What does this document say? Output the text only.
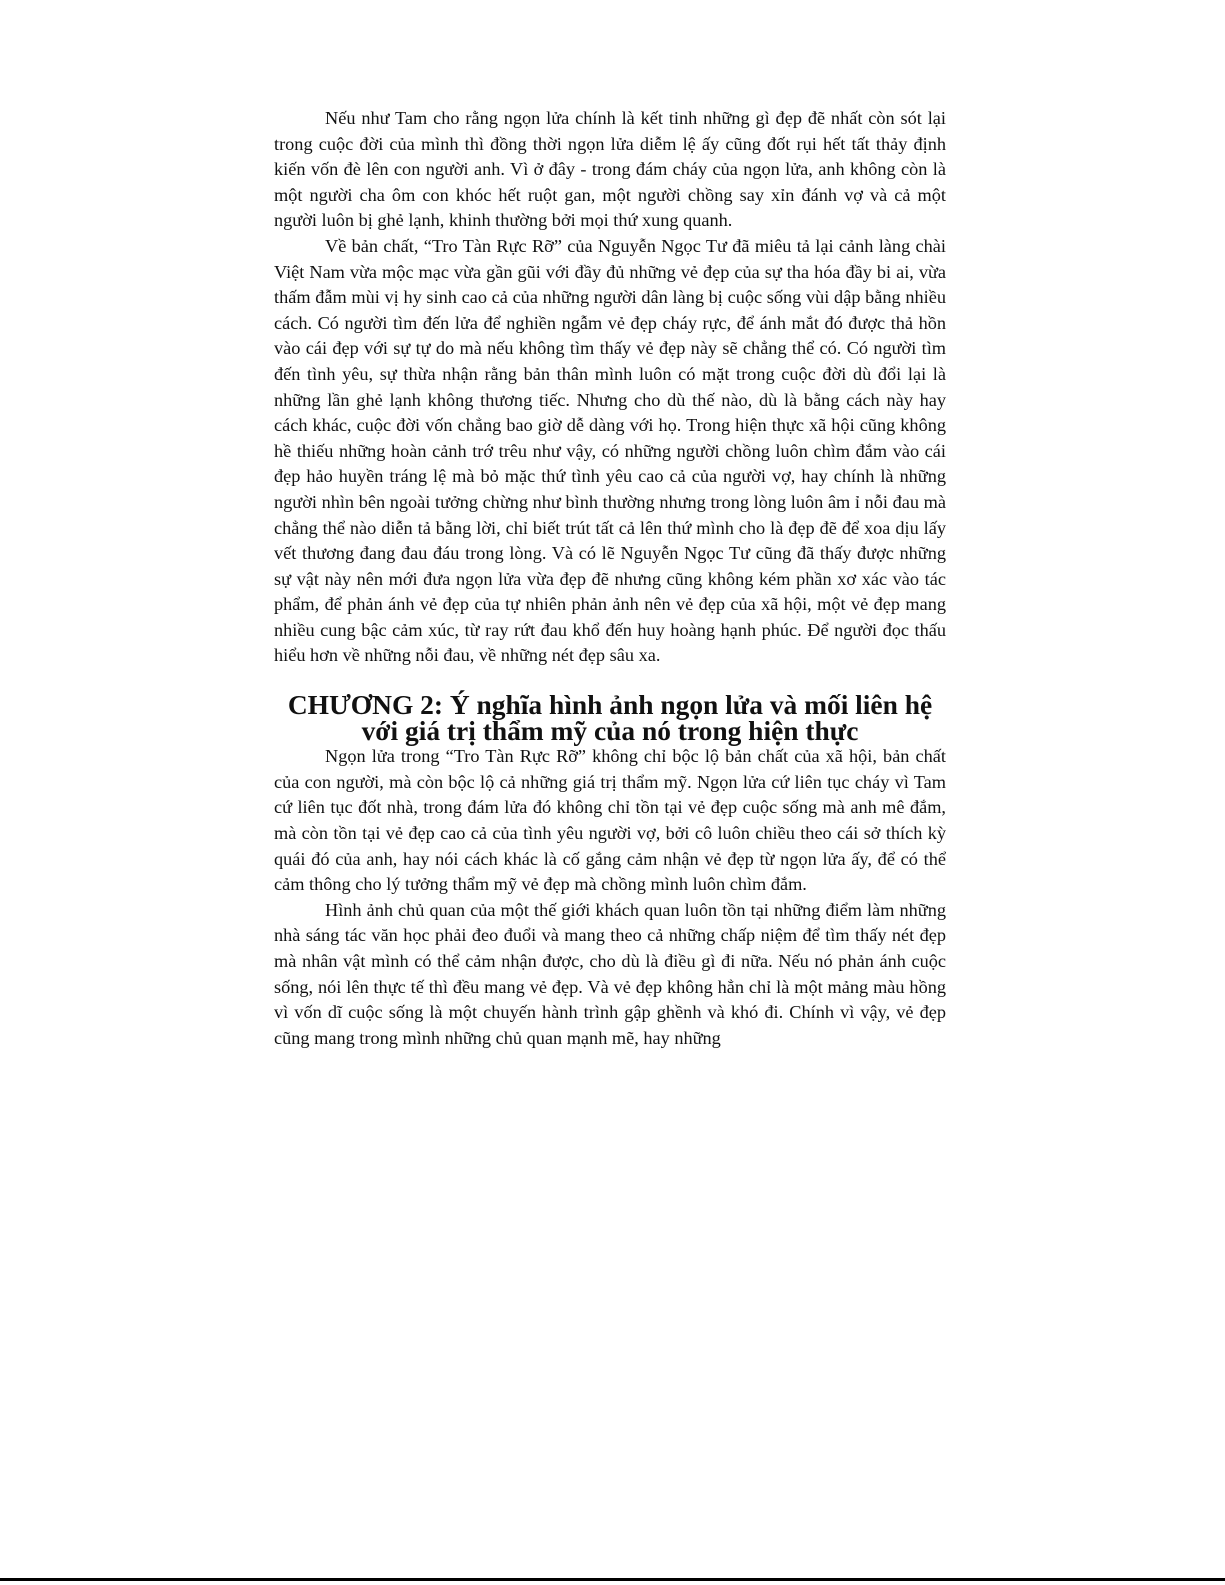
Nếu như Tam cho rằng ngọn lửa chính là kết tinh những gì đẹp đẽ nhất còn sót lại trong cuộc đời của mình thì đồng thời ngọn lửa diễm lệ ấy cũng đốt rụi hết tất thảy định kiến vốn đè lên con người anh. Vì ở đây - trong đám cháy của ngọn lửa, anh không còn là một người cha ôm con khóc hết ruột gan, một người chồng say xỉn đánh vợ và cả một người luôn bị ghẻ lạnh, khinh thường bởi mọi thứ xung quanh.

Về bản chất, “Tro Tàn Rực Rỡ” của Nguyễn Ngọc Tư đã miêu tả lại cảnh làng chài Việt Nam vừa mộc mạc vừa gần gũi với đầy đủ những vẻ đẹp của sự tha hóa đầy bi ai, vừa thấm đẫm mùi vị hy sinh cao cả của những người dân làng bị cuộc sống vùi dập bằng nhiều cách. Có người tìm đến lửa để nghiền ngẫm vẻ đẹp cháy rực, để ánh mắt đó được thả hồn vào cái đẹp với sự tự do mà nếu không tìm thấy vẻ đẹp này sẽ chẳng thể có. Có người tìm đến tình yêu, sự thừa nhận rằng bản thân mình luôn có mặt trong cuộc đời dù đổi lại là những lần ghẻ lạnh không thương tiếc. Nhưng cho dù thế nào, dù là bằng cách này hay cách khác, cuộc đời vốn chẳng bao giờ dễ dàng với họ. Trong hiện thực xã hội cũng không hề thiếu những hoàn cảnh trớ trêu như vậy, có những người chồng luôn chìm đắm vào cái đẹp hảo huyền tráng lệ mà bỏ mặc thứ tình yêu cao cả của người vợ, hay chính là những người nhìn bên ngoài tưởng chừng như bình thường nhưng trong lòng luôn âm ỉ nỗi đau mà chẳng thể nào diễn tả bằng lời, chỉ biết trút tất cả lên thứ mình cho là đẹp đẽ để xoa dịu lấy vết thương đang đau đáu trong lòng. Và có lẽ Nguyễn Ngọc Tư cũng đã thấy được những sự vật này nên mới đưa ngọn lửa vừa đẹp đẽ nhưng cũng không kém phần xơ xác vào tác phẩm, để phản ánh vẻ đẹp của tự nhiên phản ảnh nên vẻ đẹp của xã hội, một vẻ đẹp mang nhiều cung bậc cảm xúc, từ ray rứt đau khổ đến huy hoàng hạnh phúc. Để người đọc thấu hiểu hơn về những nỗi đau, về những nét đẹp sâu xa.

CHƯƠNG 2: Ý nghĩa hình ảnh ngọn lửa và mối liên hệ với giá trị thẩm mỹ của nó trong hiện thực

Ngọn lửa trong “Tro Tàn Rực Rỡ” không chỉ bộc lộ bản chất của xã hội, bản chất của con người, mà còn bộc lộ cả những giá trị thẩm mỹ. Ngọn lửa cứ liên tục cháy vì Tam cứ liên tục đốt nhà, trong đám lửa đó không chỉ tồn tại vẻ đẹp cuộc sống mà anh mê đắm, mà còn tồn tại vẻ đẹp cao cả của tình yêu người vợ, bởi cô luôn chiều theo cái sở thích kỳ quái đó của anh, hay nói cách khác là cố gắng cảm nhận vẻ đẹp từ ngọn lửa ấy, để có thể cảm thông cho lý tưởng thẩm mỹ vẻ đẹp mà chồng mình luôn chìm đắm.

Hình ảnh chủ quan của một thế giới khách quan luôn tồn tại những điểm làm những nhà sáng tác văn học phải đeo đuổi và mang theo cả những chấp niệm để tìm thấy nét đẹp mà nhân vật mình có thể cảm nhận được, cho dù là điều gì đi nữa. Nếu nó phản ánh cuộc sống, nói lên thực tế thì đều mang vẻ đẹp. Và vẻ đẹp không hẳn chỉ là một mảng màu hồng vì vốn dĩ cuộc sống là một chuyến hành trình gập ghềnh và khó đi. Chính vì vậy, vẻ đẹp cũng mang trong mình những chủ quan mạnh mẽ, hay những
